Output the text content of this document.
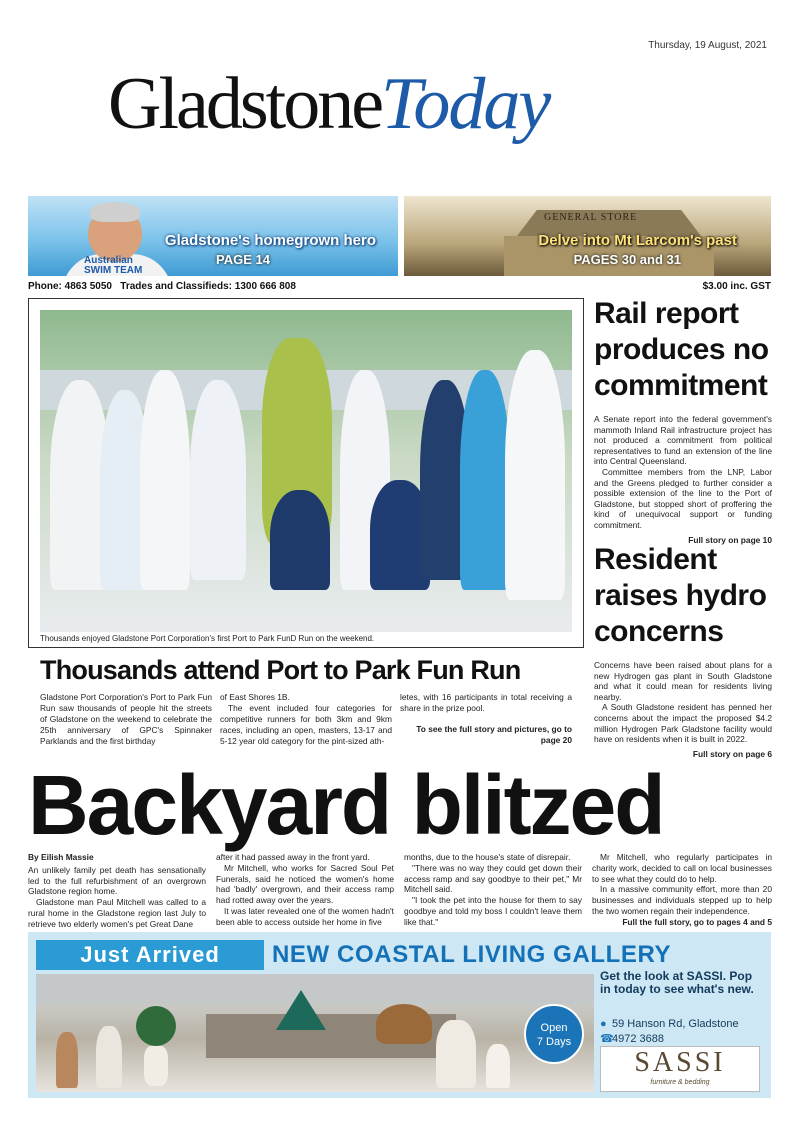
Thursday, 19 August, 2021
GladstoneToday
Australian
SWIM TEAM
Gladstone's homegrown hero
PAGE 14
GENERAL STORE
Delve into Mt Larcom's past
PAGES 30 and 31
Phone: 4863 5050   Trades and Classifieds: 1300 666 808	$3.00 inc. GST
Thousands enjoyed Gladstone Port Corporation's first Port to Park FunD Run on the weekend.
Thousands attend Port to Park Fun Run

Gladstone Port Corporation's Port to Park Fun Run saw thousands of people hit the streets of Gladstone on the weekend to celebrate the 25th anniversary of GPC's Spinnaker Parklands and the first birthday

of East Shores 1B.

The event included four categories for competitive runners for both 3km and 9km races, including an open, masters, 13-17 and 5-12 year old category for the pint-sized ath-

letes, with 16 participants in total receiving a share in the prize pool.

To see the full story and pictures, go to page 20

Rail report
produces no
commitment

A Senate report into the federal government's mammoth Inland Rail infrastructure project has not produced a commitment from political representatives to fund an extension of the line into Central Queensland.

Committee members from the LNP, Labor and the Greens pledged to further consider a possible extension of the line to the Port of Gladstone, but stopped short of proffering the kind of unequivocal support or funding commitment.

Full story on page 10

Resident
raises hydro
concerns

Concerns have been raised about plans for a new Hydrogen gas plant in South Gladstone and what it could mean for residents living nearby.

A South Gladstone resident has penned her concerns about the impact the proposed $4.2 million Hydrogen Park Gladstone facility would have on residents when it is built in 2022.

Full story on page 6

Backyard blitzed
By Eilish Massie

An unlikely family pet death has sensationally led to the full refurbishment of an overgrown Gladstone region home.

Gladstone man Paul Mitchell was called to a rural home in the Gladstone region last July to retrieve two elderly women's pet Great Dane

after it had passed away in the front yard.

Mr Mitchell, who works for Sacred Soul Pet Funerals, said he noticed the women's home had 'badly' overgrown, and their access ramp had rotted away over the years.

It was later revealed one of the women hadn't been able to access outside her home in five

months, due to the house's state of disrepair.

"There was no way they could get down their access ramp and say goodbye to their pet," Mr Mitchell said.

"I took the pet into the house for them to say goodbye and told my boss I couldn't leave them like that."

Mr Mitchell, who regularly participates in charity work, decided to call on local businesses to see what they could do to help.

In a massive community effort, more than 20 businesses and individuals stepped up to help the two women regain their independence.

Full the full story, go to pages 4 and 5

Just Arrived	NEW COASTAL LIVING GALLERY
Open
7 Days
Get the look at SASSI. Pop in today to see what's new.
● 59 Hanson Rd, Gladstone
☎4972 3688
SASSI
furniture & bedding
